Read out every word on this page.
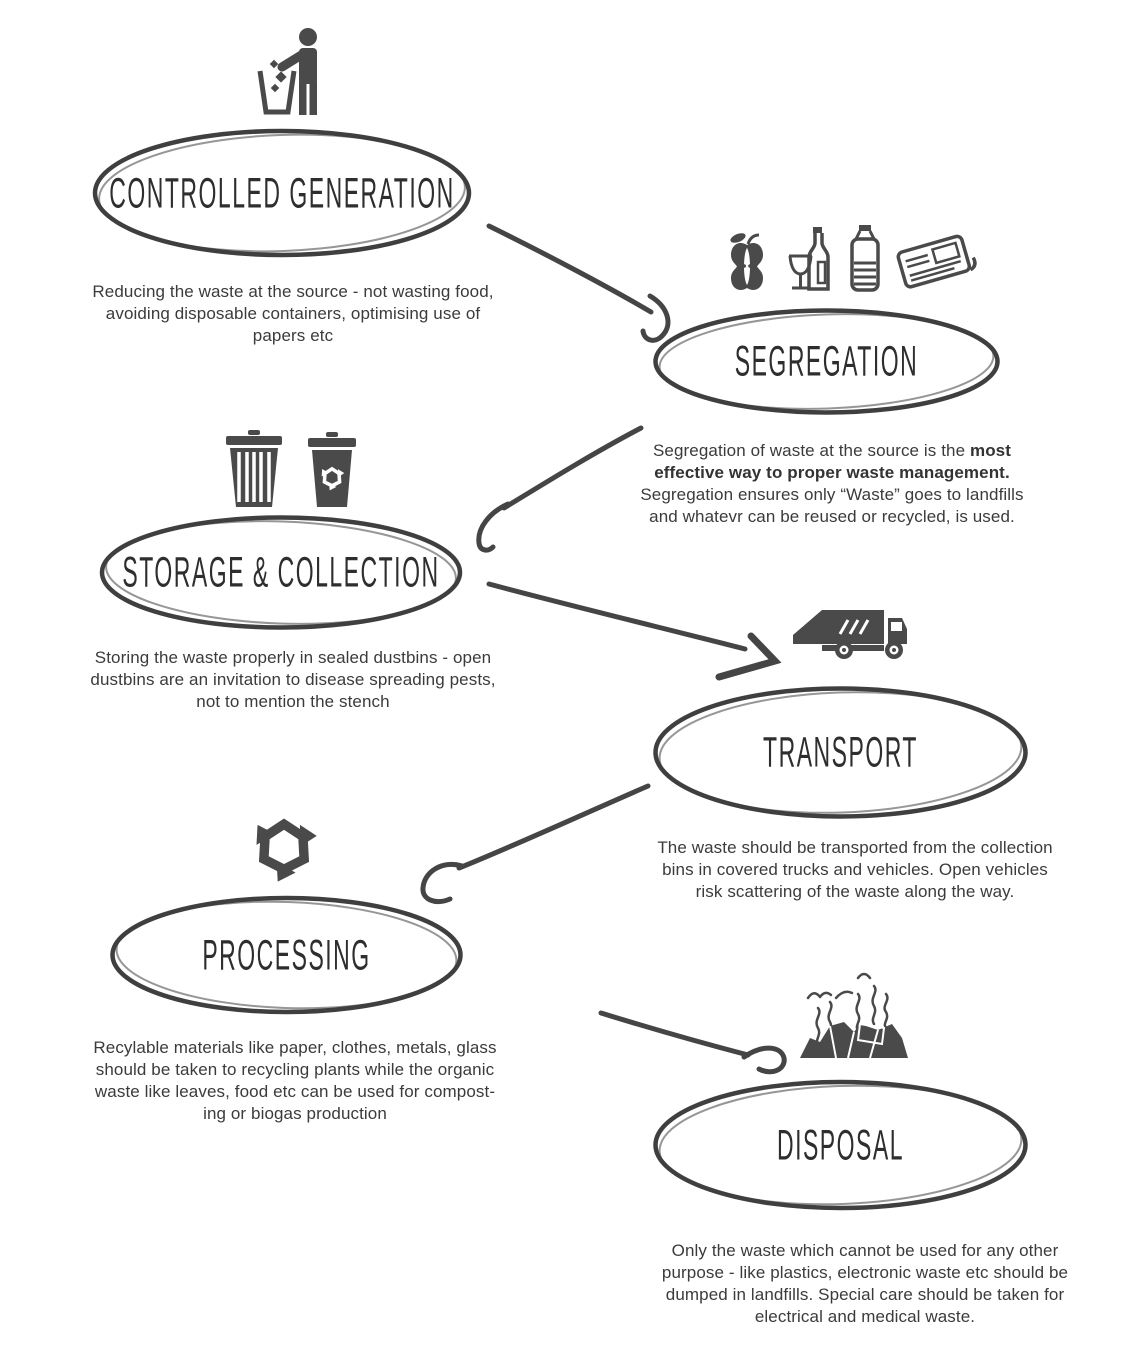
CONTROLLED GENERATION
Reducing the waste at the source - not wasting food,
avoiding disposable containers, optimising use of
papers etc
SEGREGATION
Segregation of waste at the source is the most
effective way to proper waste management.
Segregation ensures only “Waste” goes to landfills
and whatevr can be reused or recycled, is used.
STORAGE & COLLECTION
Storing the waste properly in sealed dustbins - open
dustbins are an invitation to disease spreading pests,
not to mention the stench
TRANSPORT
The waste should be transported from the collection
bins in covered trucks and vehicles. Open vehicles
risk scattering of the waste along the way.
PROCESSING
Recylable materials like paper, clothes, metals, glass
should be taken to recycling plants while the organic
waste like leaves, food etc can be used for compost-
ing or biogas production
DISPOSAL
Only the waste which cannot be used for any other
purpose - like plastics, electronic waste etc should be
dumped in landfills. Special care should be taken for
electrical and medical waste.
